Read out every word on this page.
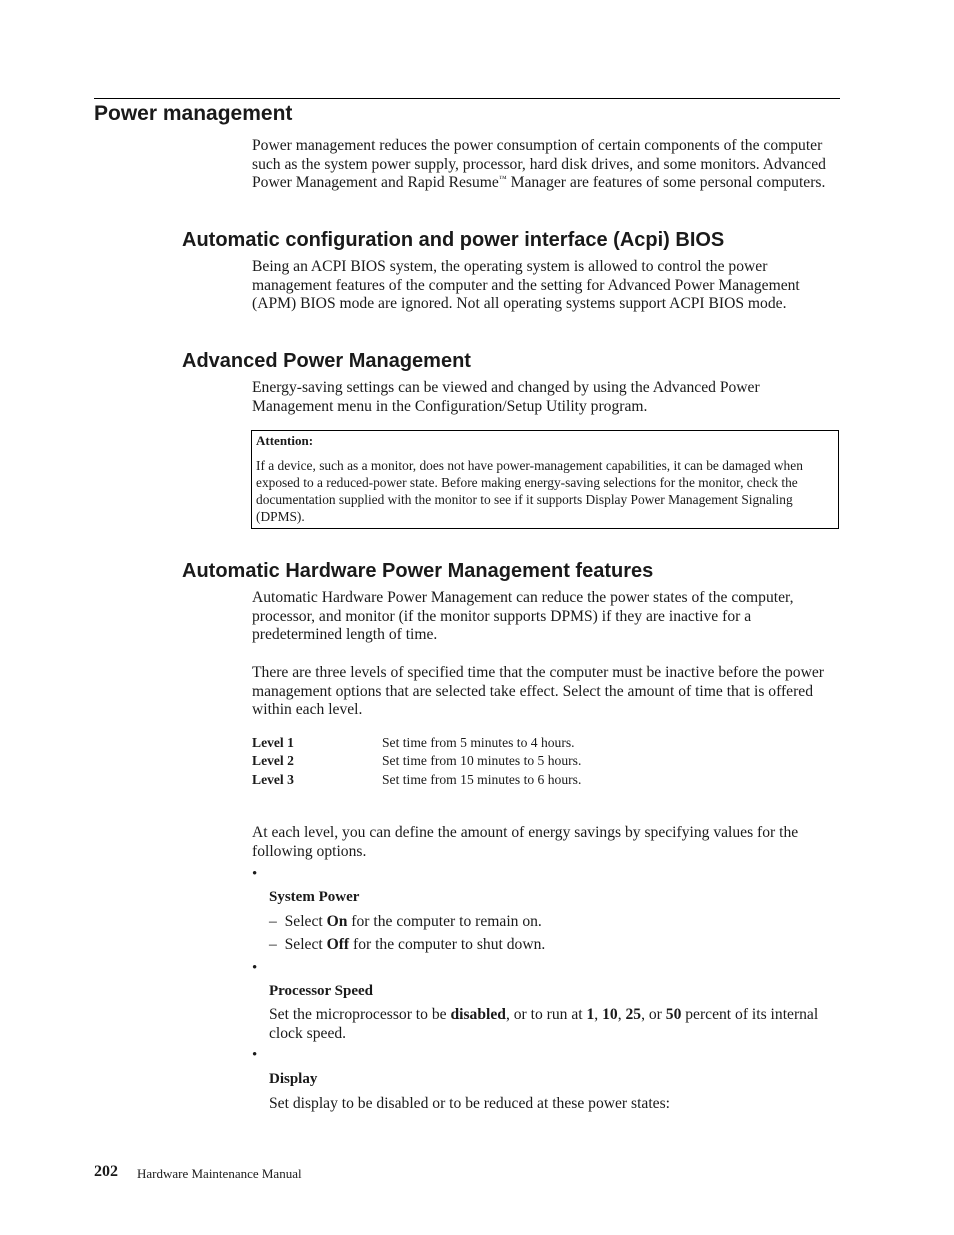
Power management

Power management reduces the power consumption of certain components of the computer such as the system power supply, processor, hard disk drives, and some monitors. Advanced Power Management and Rapid Resume™ Manager are features of some personal computers.

Automatic configuration and power interface (Acpi) BIOS

Being an ACPI BIOS system, the operating system is allowed to control the power management features of the computer and the setting for Advanced Power Management (APM) BIOS mode are ignored. Not all operating systems support ACPI BIOS mode.

Advanced Power Management

Energy-saving settings can be viewed and changed by using the Advanced Power Management menu in the Configuration/Setup Utility program.

Attention:
If a device, such as a monitor, does not have power-management capabilities, it can be damaged when exposed to a reduced-power state. Before making energy-saving selections for the monitor, check the documentation supplied with the monitor to see if it supports Display Power Management Signaling (DPMS).
Automatic Hardware Power Management features

Automatic Hardware Power Management can reduce the power states of the computer, processor, and monitor (if the monitor supports DPMS) if they are inactive for a predetermined length of time.

There are three levels of specified time that the computer must be inactive before the power management options that are selected take effect. Select the amount of time that is offered within each level.

Level 1	Set time from 5 minutes to 4 hours.
Level 2	Set time from 10 minutes to 5 hours.
Level 3	Set time from 15 minutes to 6 hours.

At each level, you can define the amount of energy savings by specifying values for the following options.

•
System Power
– Select On for the computer to remain on.
– Select Off for the computer to shut down.
•
Processor Speed

Set the microprocessor to be disabled, or to run at 1, 10, 25, or 50 percent of its internal clock speed.

•
Display

Set display to be disabled or to be reduced at these power states:

202 Hardware Maintenance Manual
